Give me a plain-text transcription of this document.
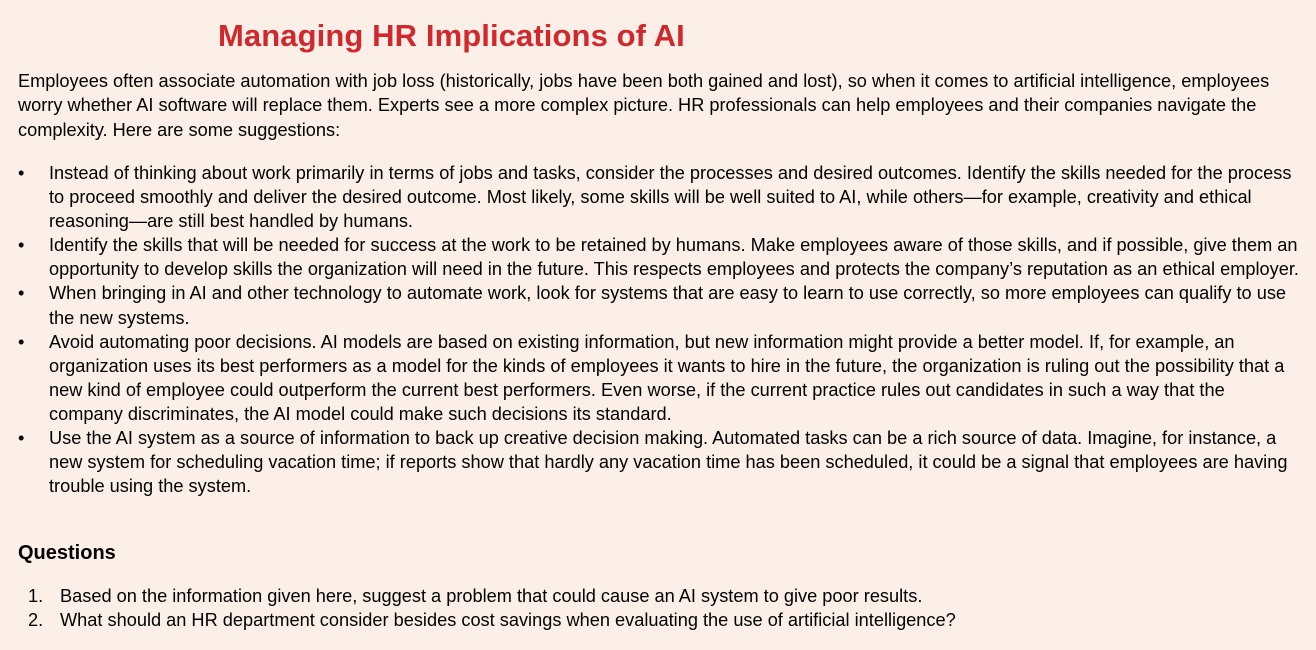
Managing HR Implications of AI

Employees often associate automation with job loss (historically, jobs have been both gained and lost), so when it comes to artificial intelligence, employees worry whether AI software will replace them. Experts see a more complex picture. HR professionals can help employees and their companies navigate the complexity. Here are some suggestions:

•	Instead of thinking about work primarily in terms of jobs and tasks, consider the processes and desired outcomes. Identify the skills needed for the process to proceed smoothly and deliver the desired outcome. Most likely, some skills will be well suited to AI, while others—for example, creativity and ethical reasoning—are still best handled by humans.
•	Identify the skills that will be needed for success at the work to be retained by humans. Make employees aware of those skills, and if possible, give them an opportunity to develop skills the organization will need in the future. This respects employees and protects the company’s reputation as an ethical employer.
•	When bringing in AI and other technology to automate work, look for systems that are easy to learn to use correctly, so more employees can qualify to use the new systems.
•	Avoid automating poor decisions. AI models are based on existing information, but new information might provide a better model. If, for example, an organization uses its best performers as a model for the kinds of employees it wants to hire in the future, the organization is ruling out the possibility that a new kind of employee could outperform the current best performers. Even worse, if the current practice rules out candidates in such a way that the company discriminates, the AI model could make such decisions its standard.
•	Use the AI system as a source of information to back up creative decision making. Automated tasks can be a rich source of data. Imagine, for instance, a new system for scheduling vacation time; if reports show that hardly any vacation time has been scheduled, it could be a signal that employees are having trouble using the system.
Questions
1. Based on the information given here, suggest a problem that could cause an AI system to give poor results.
2. What should an HR department consider besides cost savings when evaluating the use of artificial intelligence?
